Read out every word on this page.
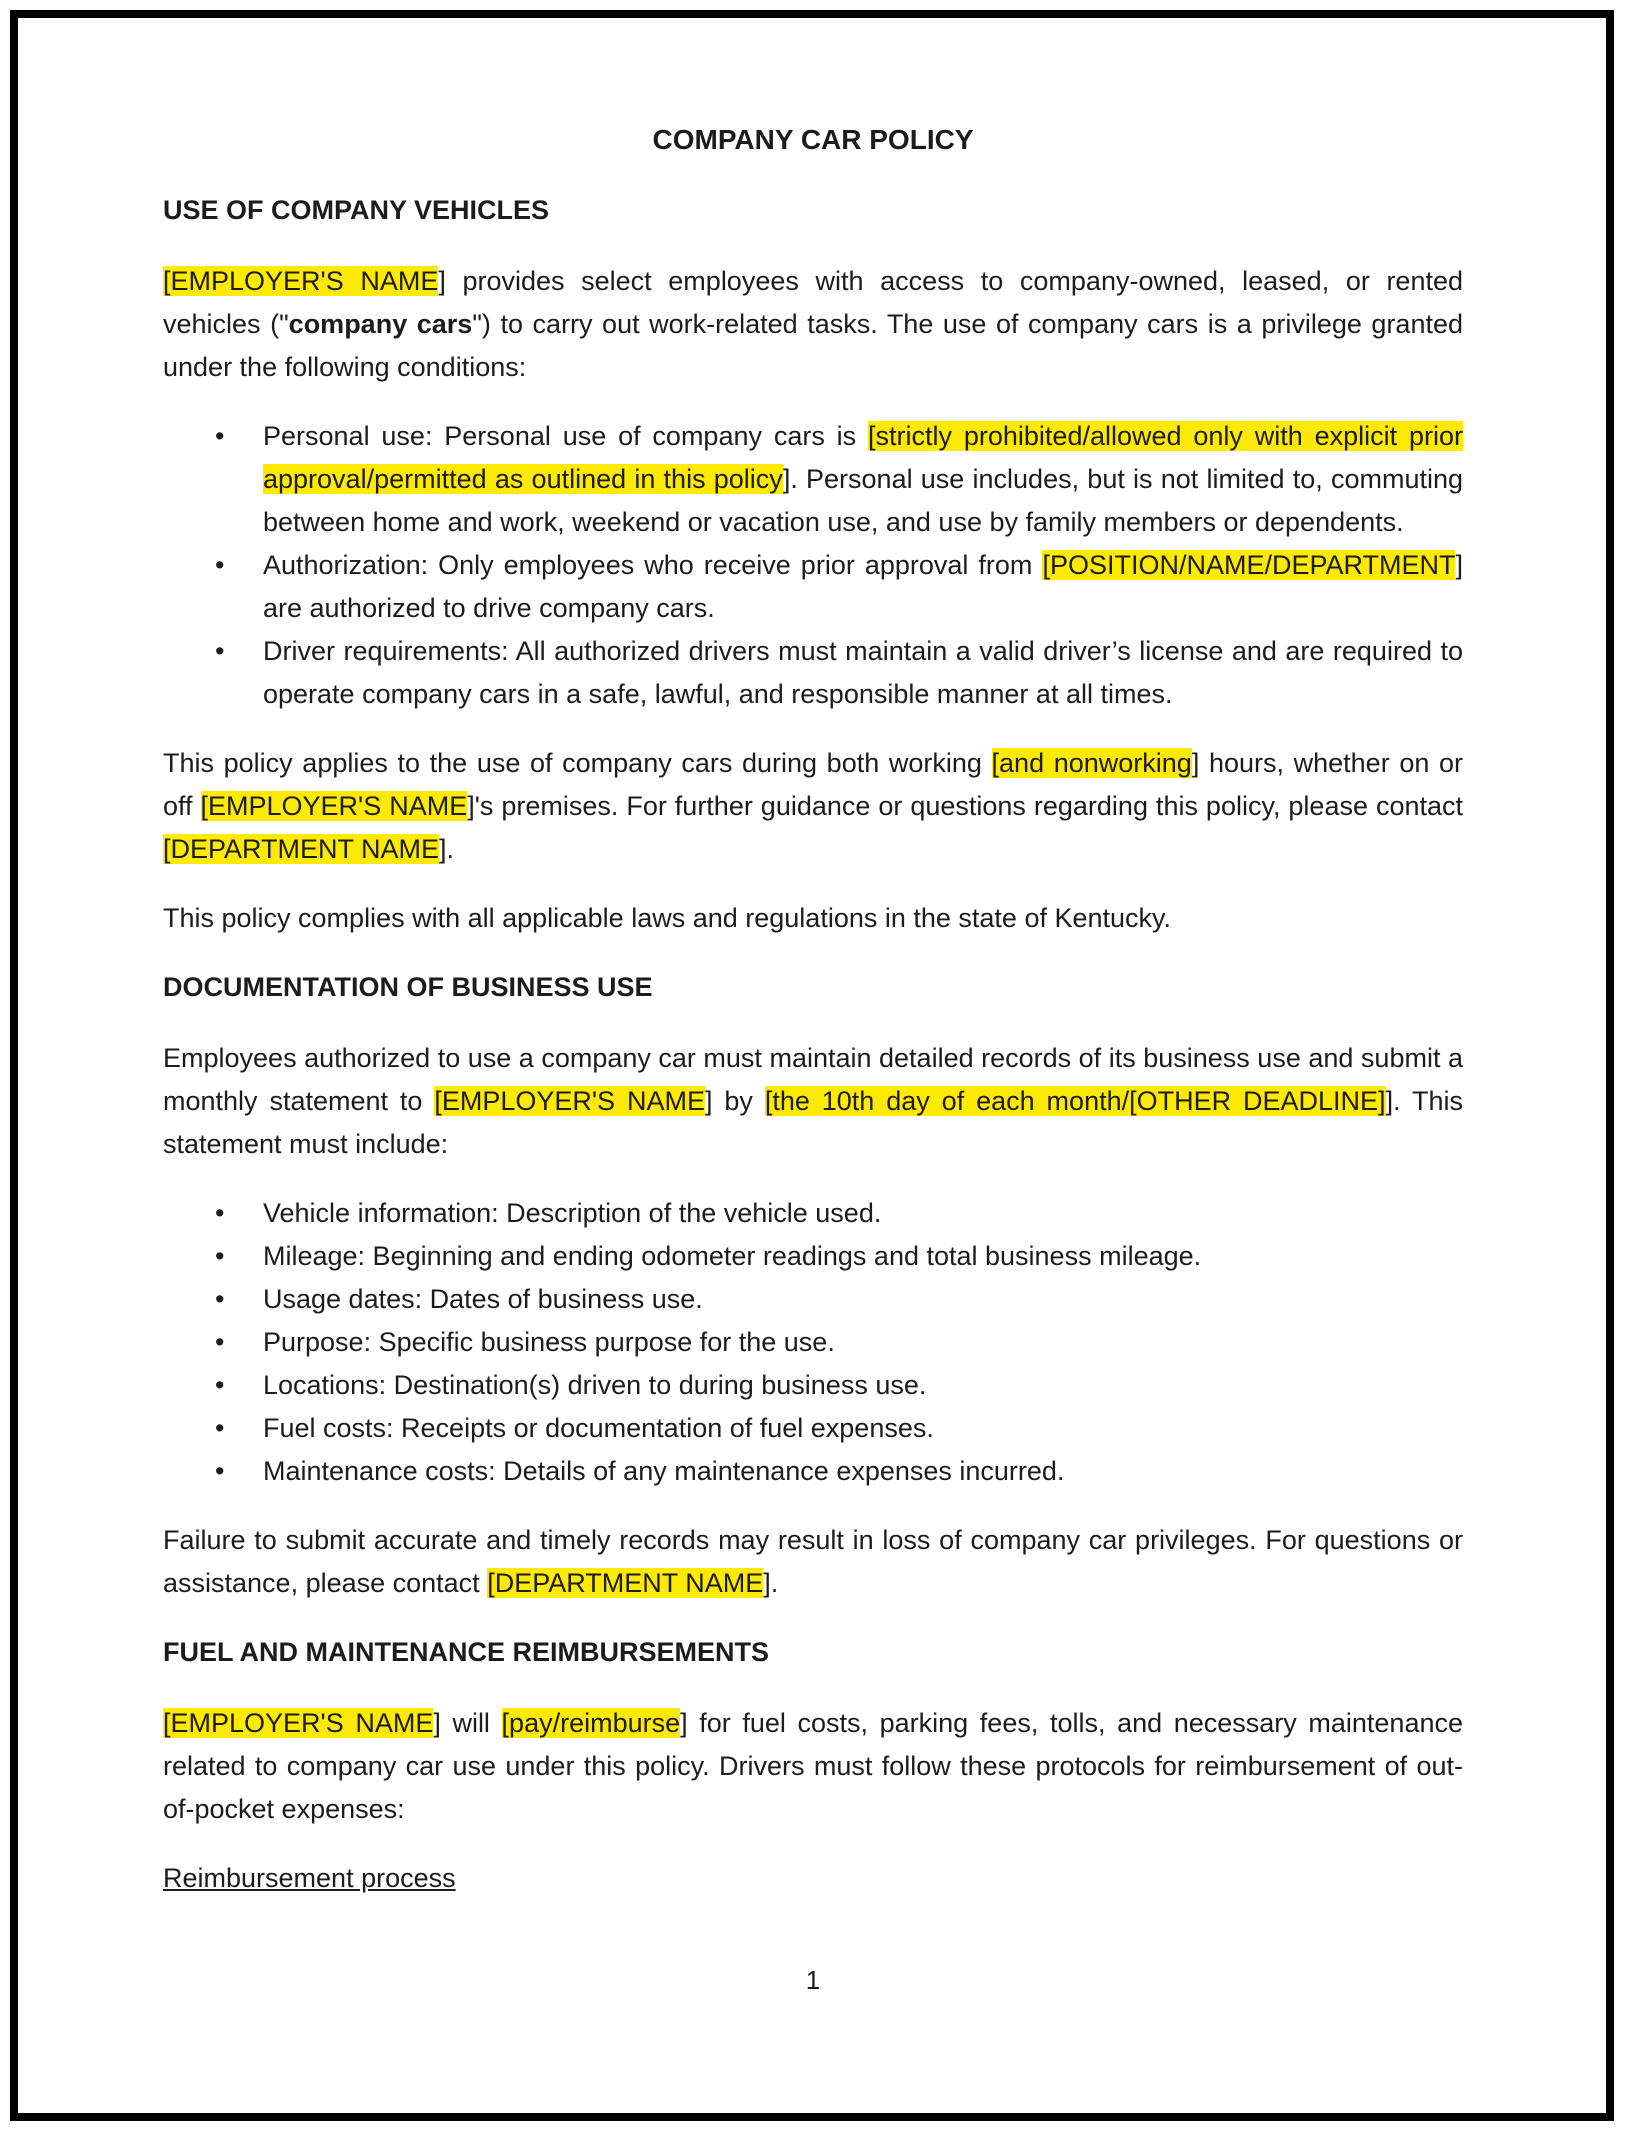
COMPANY CAR POLICY

USE OF COMPANY VEHICLES

[EMPLOYER'S NAME] provides select employees with access to company-owned, leased, or rented vehicles ("company cars") to carry out work-related tasks. The use of company cars is a privilege granted under the following conditions:

• Personal use: Personal use of company cars is [strictly prohibited/allowed only with explicit prior approval/permitted as outlined in this policy]. Personal use includes, but is not limited to, commuting between home and work, weekend or vacation use, and use by family members or dependents.
• Authorization: Only employees who receive prior approval from [POSITION/NAME/DEPARTMENT] are authorized to drive company cars.
• Driver requirements: All authorized drivers must maintain a valid driver’s license and are required to operate company cars in a safe, lawful, and responsible manner at all times.

This policy applies to the use of company cars during both working [and nonworking] hours, whether on or off [EMPLOYER'S NAME]'s premises. For further guidance or questions regarding this policy, please contact [DEPARTMENT NAME].

This policy complies with all applicable laws and regulations in the state of Kentucky.

DOCUMENTATION OF BUSINESS USE

Employees authorized to use a company car must maintain detailed records of its business use and submit a monthly statement to [EMPLOYER'S NAME] by [the 10th day of each month/[OTHER DEADLINE]]. This statement must include:

• Vehicle information: Description of the vehicle used.
• Mileage: Beginning and ending odometer readings and total business mileage.
• Usage dates: Dates of business use.
• Purpose: Specific business purpose for the use.
• Locations: Destination(s) driven to during business use.
• Fuel costs: Receipts or documentation of fuel expenses.
• Maintenance costs: Details of any maintenance expenses incurred.

Failure to submit accurate and timely records may result in loss of company car privileges. For questions or assistance, please contact [DEPARTMENT NAME].

FUEL AND MAINTENANCE REIMBURSEMENTS

[EMPLOYER'S NAME] will [pay/reimburse] for fuel costs, parking fees, tolls, and necessary maintenance related to company car use under this policy. Drivers must follow these protocols for reimbursement of out-of-pocket expenses:

Reimbursement process

1
